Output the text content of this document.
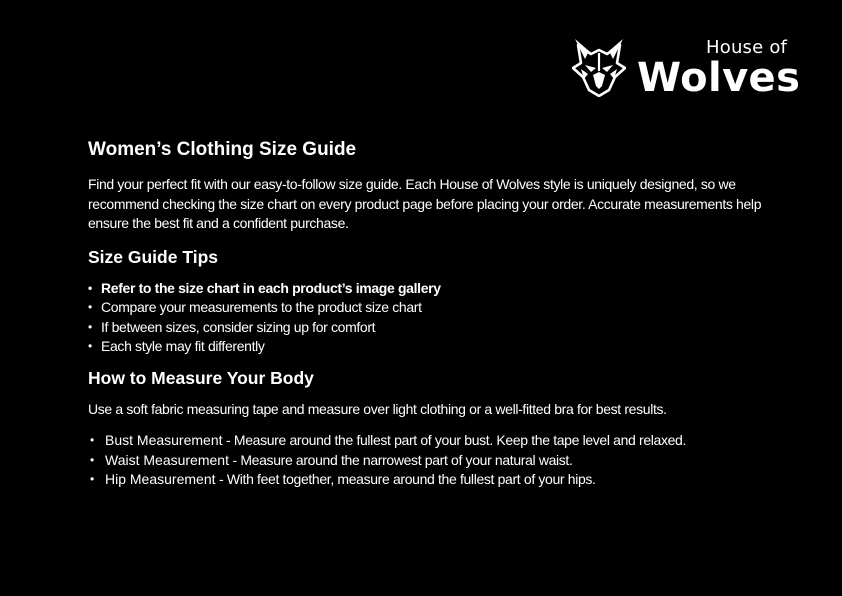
House of
Wolves
Women’s Clothing Size Guide

Find your perfect fit with our easy-to-follow size guide. Each House of Wolves style is uniquely designed, so we recommend checking the size chart on every product page before placing your order. Accurate measurements help ensure the best fit and a confident purchase.

Size Guide Tips
• Refer to the size chart in each product’s image gallery
• Compare your measurements to the product size chart
• If between sizes, consider sizing up for comfort
• Each style may fit differently
How to Measure Your Body

Use a soft fabric measuring tape and measure over light clothing or a well-fitted bra for best results.

• Bust Measurement - Measure around the fullest part of your bust. Keep the tape level and relaxed.
• Waist Measurement - Measure around the narrowest part of your natural waist.
• Hip Measurement - With feet together, measure around the fullest part of your hips.
